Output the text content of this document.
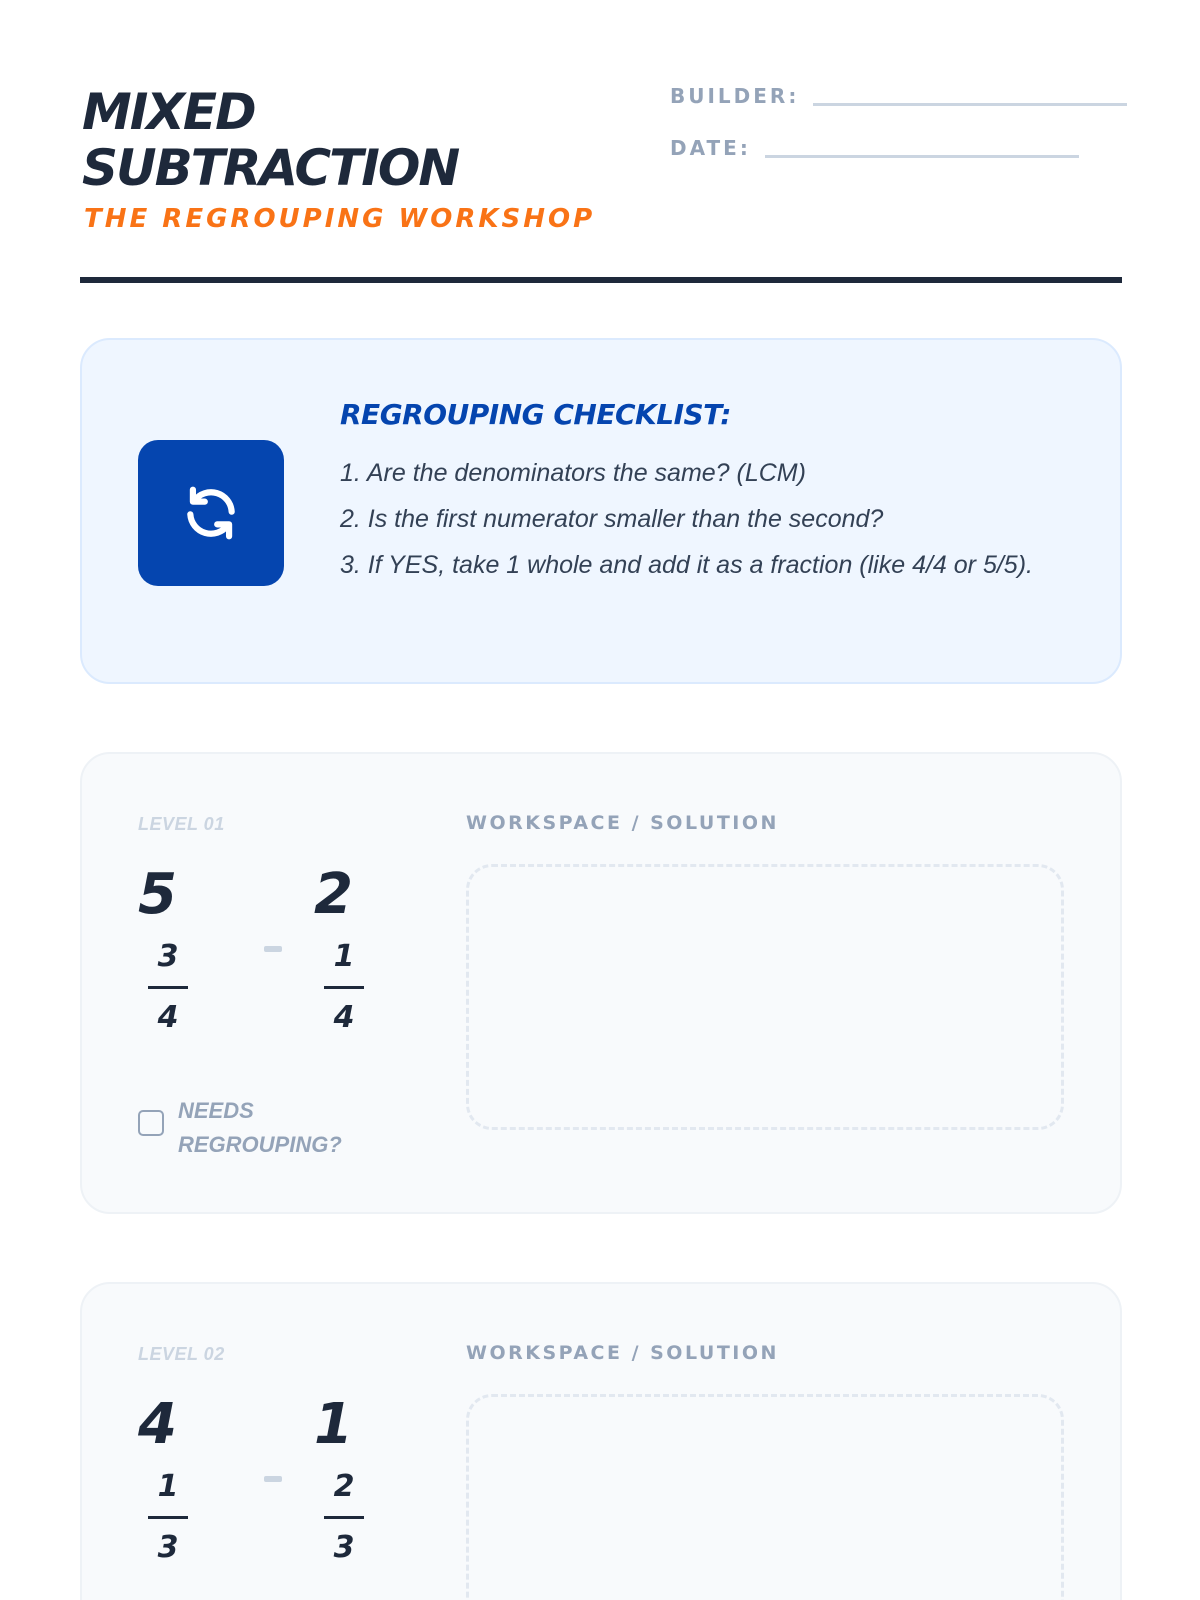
MIXED
SUBTRACTION
THE REGROUPING WORKSHOP
BUILDER:
DATE:
REGROUPING CHECKLIST:
1. Are the denominators the same? (LCM)
2. Is the first numerator smaller than the second?
3. If YES, take 1 whole and add it as a fraction (like 4/4 or 5/5).
LEVEL 01	WORKSPACE / SOLUTION
5
3
4
2
1
4
NEEDS REGROUPING?
LEVEL 02	WORKSPACE / SOLUTION
4
1
3
1
2
3
